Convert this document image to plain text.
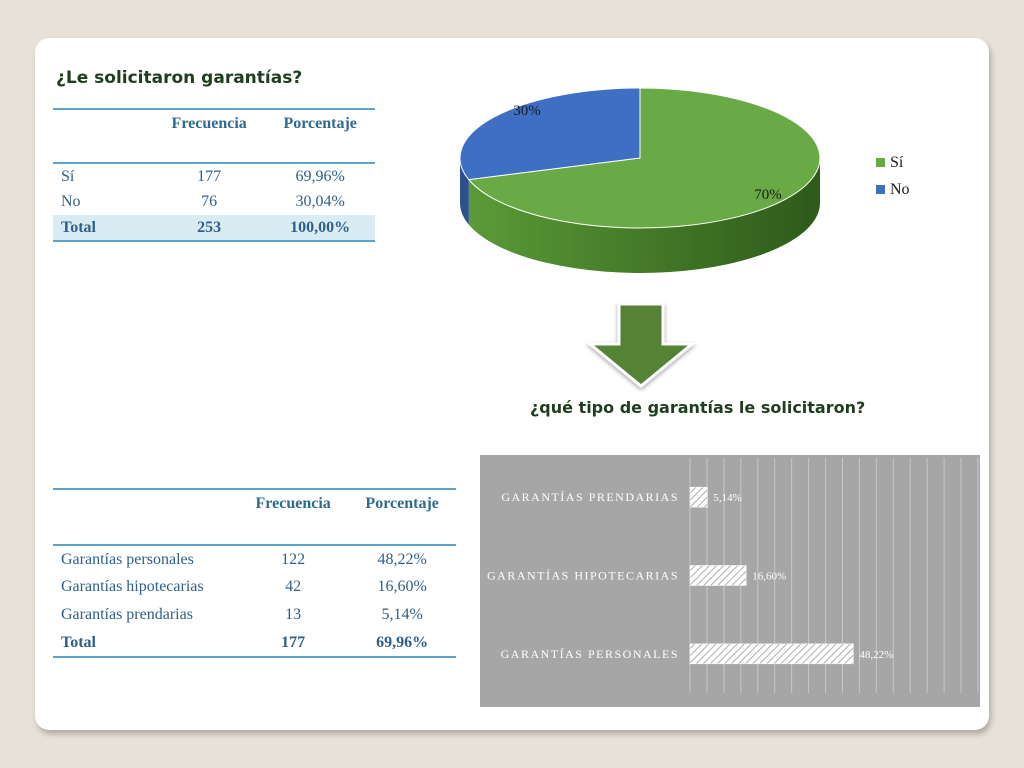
¿Le solicitaron garantías?
	Frecuencia	Porcentaje

Sí	177	69,96%
No	76	30,04%
Total	253	100,00%
	Frecuencia	Porcentaje

Garantías personales	122	48,22%
Garantías hipotecarias	42	16,60%
Garantías prendarias	13	5,14%
Total	177	69,96%
70%
30%
Sí
No
¿qué tipo de garantías le solicitaron?
GARANTÍAS PRENDARIAS	5,14%
GARANTÍAS HIPOTECARIAS	16,60%
GARANTÍAS PERSONALES	48,22%
